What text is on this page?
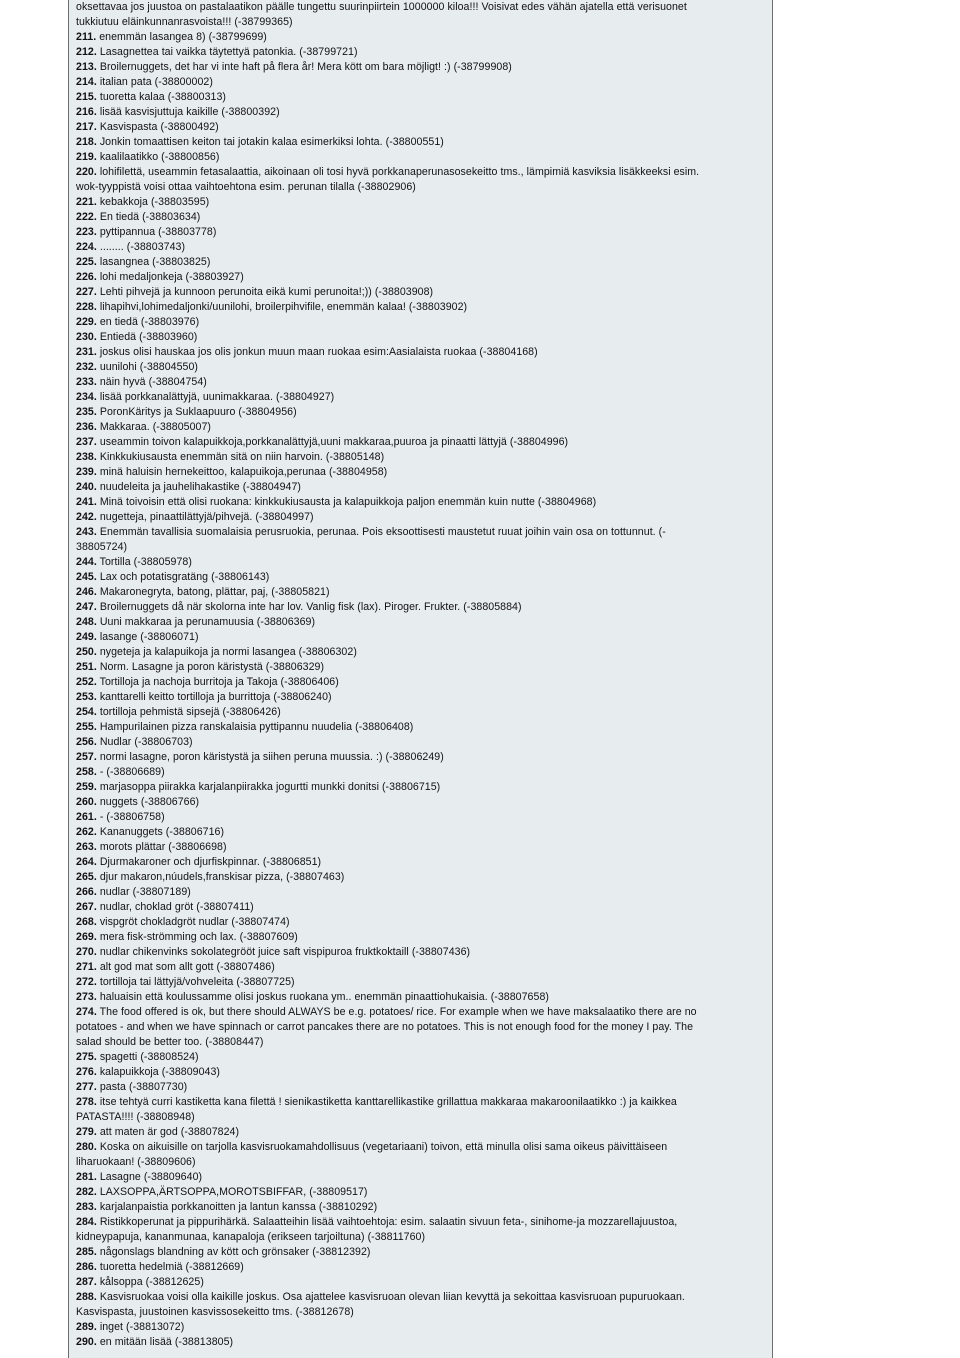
oksettavaa jos juustoa on pastalaatikon päälle tungettu suurinpiirtein 1000000 kiloa!!! Voisivat edes vähän ajatella että verisuonet
tukkiutuu eläinkunnanrasvoista!!! (-38799365)
211. enemmän lasangea 8) (-38799699)
212. Lasagnettea tai vaikka täytettyä patonkia. (-38799721)
213. Broilernuggets, det har vi inte haft på flera år! Mera kött om bara möjligt! :) (-38799908)
214. italian pata (-38800002)
215. tuoretta kalaa (-38800313)
216. lisää kasvisjuttuja kaikille (-38800392)
217. Kasvispasta (-38800492)
218. Jonkin tomaattisen keiton tai jotakin kalaa esimerkiksi lohta. (-38800551)
219. kaalilaatikko (-38800856)
220. lohifilettä, useammin fetasalaattia, aikoinaan oli tosi hyvä porkkanaperunasosekeitto tms., lämpimiä kasviksia lisäkkeeksi esim.
wok-tyyppistä voisi ottaa vaihtoehtona esim. perunan tilalla (-38802906)
221. kebakkoja (-38803595)
222. En tiedä (-38803634)
223. pyttipannua (-38803778)
224. ........ (-38803743)
225. lasangnea (-38803825)
226. lohi medaljonkeja (-38803927)
227. Lehti pihvejä ja kunnoon perunoita eikä kumi perunoita!;)) (-38803908)
228. lihapihvi,lohimedaljonki/uunilohi, broilerpihvifile, enemmän kalaa! (-38803902)
229. en tiedä (-38803976)
230. Entiedä (-38803960)
231. joskus olisi hauskaa jos olis jonkun muun maan ruokaa esim:Aasialaista ruokaa (-38804168)
232. uunilohi (-38804550)
233. näin hyvä (-38804754)
234. lisää porkkanalättyjä, uunimakkaraa. (-38804927)
235. PoronKäritys ja Suklaapuuro (-38804956)
236. Makkaraa. (-38805007)
237. useammin toivon kalapuikkoja,porkkanalättyjä,uuni makkaraa,puuroa ja pinaatti lättyjä (-38804996)
238. Kinkkukiusausta enemmän sitä on niin harvoin. (-38805148)
239. minä haluisin hernekeittoo, kalapuikoja,perunaa (-38804958)
240. nuudeleita ja jauhelihakastike (-38804947)
241. Minä toivoisin että olisi ruokana: kinkkukiusausta ja kalapuikkoja paljon enemmän kuin nutte (-38804968)
242. nugetteja, pinaattilättyjä/pihvejä. (-38804997)
243. Enemmän tavallisia suomalaisia perusruokia, perunaa. Pois eksoottisesti maustetut ruuat joihin vain osa on tottunnut. (-
38805724)
244. Tortilla (-38805978)
245. Lax och potatisgratäng (-38806143)
246. Makaronegryta, batong, plättar, paj, (-38805821)
247. Broilernuggets då när skolorna inte har lov. Vanlig fisk (lax). Piroger. Frukter. (-38805884)
248. Uuni makkaraa ja perunamuusia (-38806369)
249. lasange (-38806071)
250. nygeteja ja kalapuikoja ja normi lasangea (-38806302)
251. Norm. Lasagne ja poron käristystä (-38806329)
252. Tortilloja ja nachoja burritoja ja Takoja (-38806406)
253. kanttarelli keitto tortilloja ja burrittoja (-38806240)
254. tortilloja pehmistä sipsejä (-38806426)
255. Hampurilainen pizza ranskalaisia pyttipannu nuudelia (-38806408)
256. Nudlar (-38806703)
257. normi lasagne, poron käristystä ja siihen peruna muussia. :) (-38806249)
258. - (-38806689)
259. marjasoppa piirakka karjalanpiirakka jogurtti munkki donitsi (-38806715)
260. nuggets (-38806766)
261. - (-38806758)
262. Kananuggets (-38806716)
263. morots plättar (-38806698)
264. Djurmakaroner och djurfiskpinnar. (-38806851)
265. djur makaron,núudels,franskisar pizza, (-38807463)
266. nudlar (-38807189)
267. nudlar, choklad gröt (-38807411)
268. vispgröt chokladgröt nudlar (-38807474)
269. mera fisk-strömming och lax. (-38807609)
270. nudlar chikenvinks sokolategrööt juice saft vispipuroa fruktkoktaill (-38807436)
271. alt god mat som allt gott (-38807486)
272. tortilloja tai lättyjä/vohveleita (-38807725)
273. haluaisin että koulussamme olisi joskus ruokana ym.. enemmän pinaattiohukaisia. (-38807658)
274. The food offered is ok, but there should ALWAYS be e.g. potatoes/ rice. For example when we have maksalaatiko there are no
potatoes - and when we have spinnach or carrot pancakes there are no potatoes. This is not enough food for the money I pay. The
salad should be better too. (-38808447)
275. spagetti (-38808524)
276. kalapuikkoja (-38809043)
277. pasta (-38807730)
278. itse tehtyä curri kastiketta kana filettä ! sienikastiketta kanttarellikastike grillattua makkaraa makaroonilaatikko :) ja kaikkea
PATASTA!!!! (-38808948)
279. att maten är god (-38807824)
280. Koska on aikuisille on tarjolla kasvisruokamahdollisuus (vegetariaani) toivon, että minulla olisi sama oikeus päivittäiseen
liharuokaan! (-38809606)
281. Lasagne (-38809640)
282. LAXSOPPA,ÄRTSOPPA,MOROTSBIFFAR, (-38809517)
283. karjalanpaistia porkkanoitten ja lantun kanssa (-38810292)
284. Ristikkoperunat ja pippurihärkä. Salaatteihin lisää vaihtoehtoja: esim. salaatin sivuun feta-, sinihome-ja mozzarellajuustoa,
kidneypapuja, kananmunaa, kanapaloja (erikseen tarjoiltuna) (-38811760)
285. någonslags blandning av kött och grönsaker (-38812392)
286. tuoretta hedelmiä (-38812669)
287. kålsoppa (-38812625)
288. Kasvisruokaa voisi olla kaikille joskus. Osa ajattelee kasvisruoan olevan liian kevyttä ja sekoittaa kasvisruoan pupuruokaan.
Kasvispasta, juustoinen kasvissosekeitto tms. (-38812678)
289. inget (-38813072)
290. en mitään lisää (-38813805)
